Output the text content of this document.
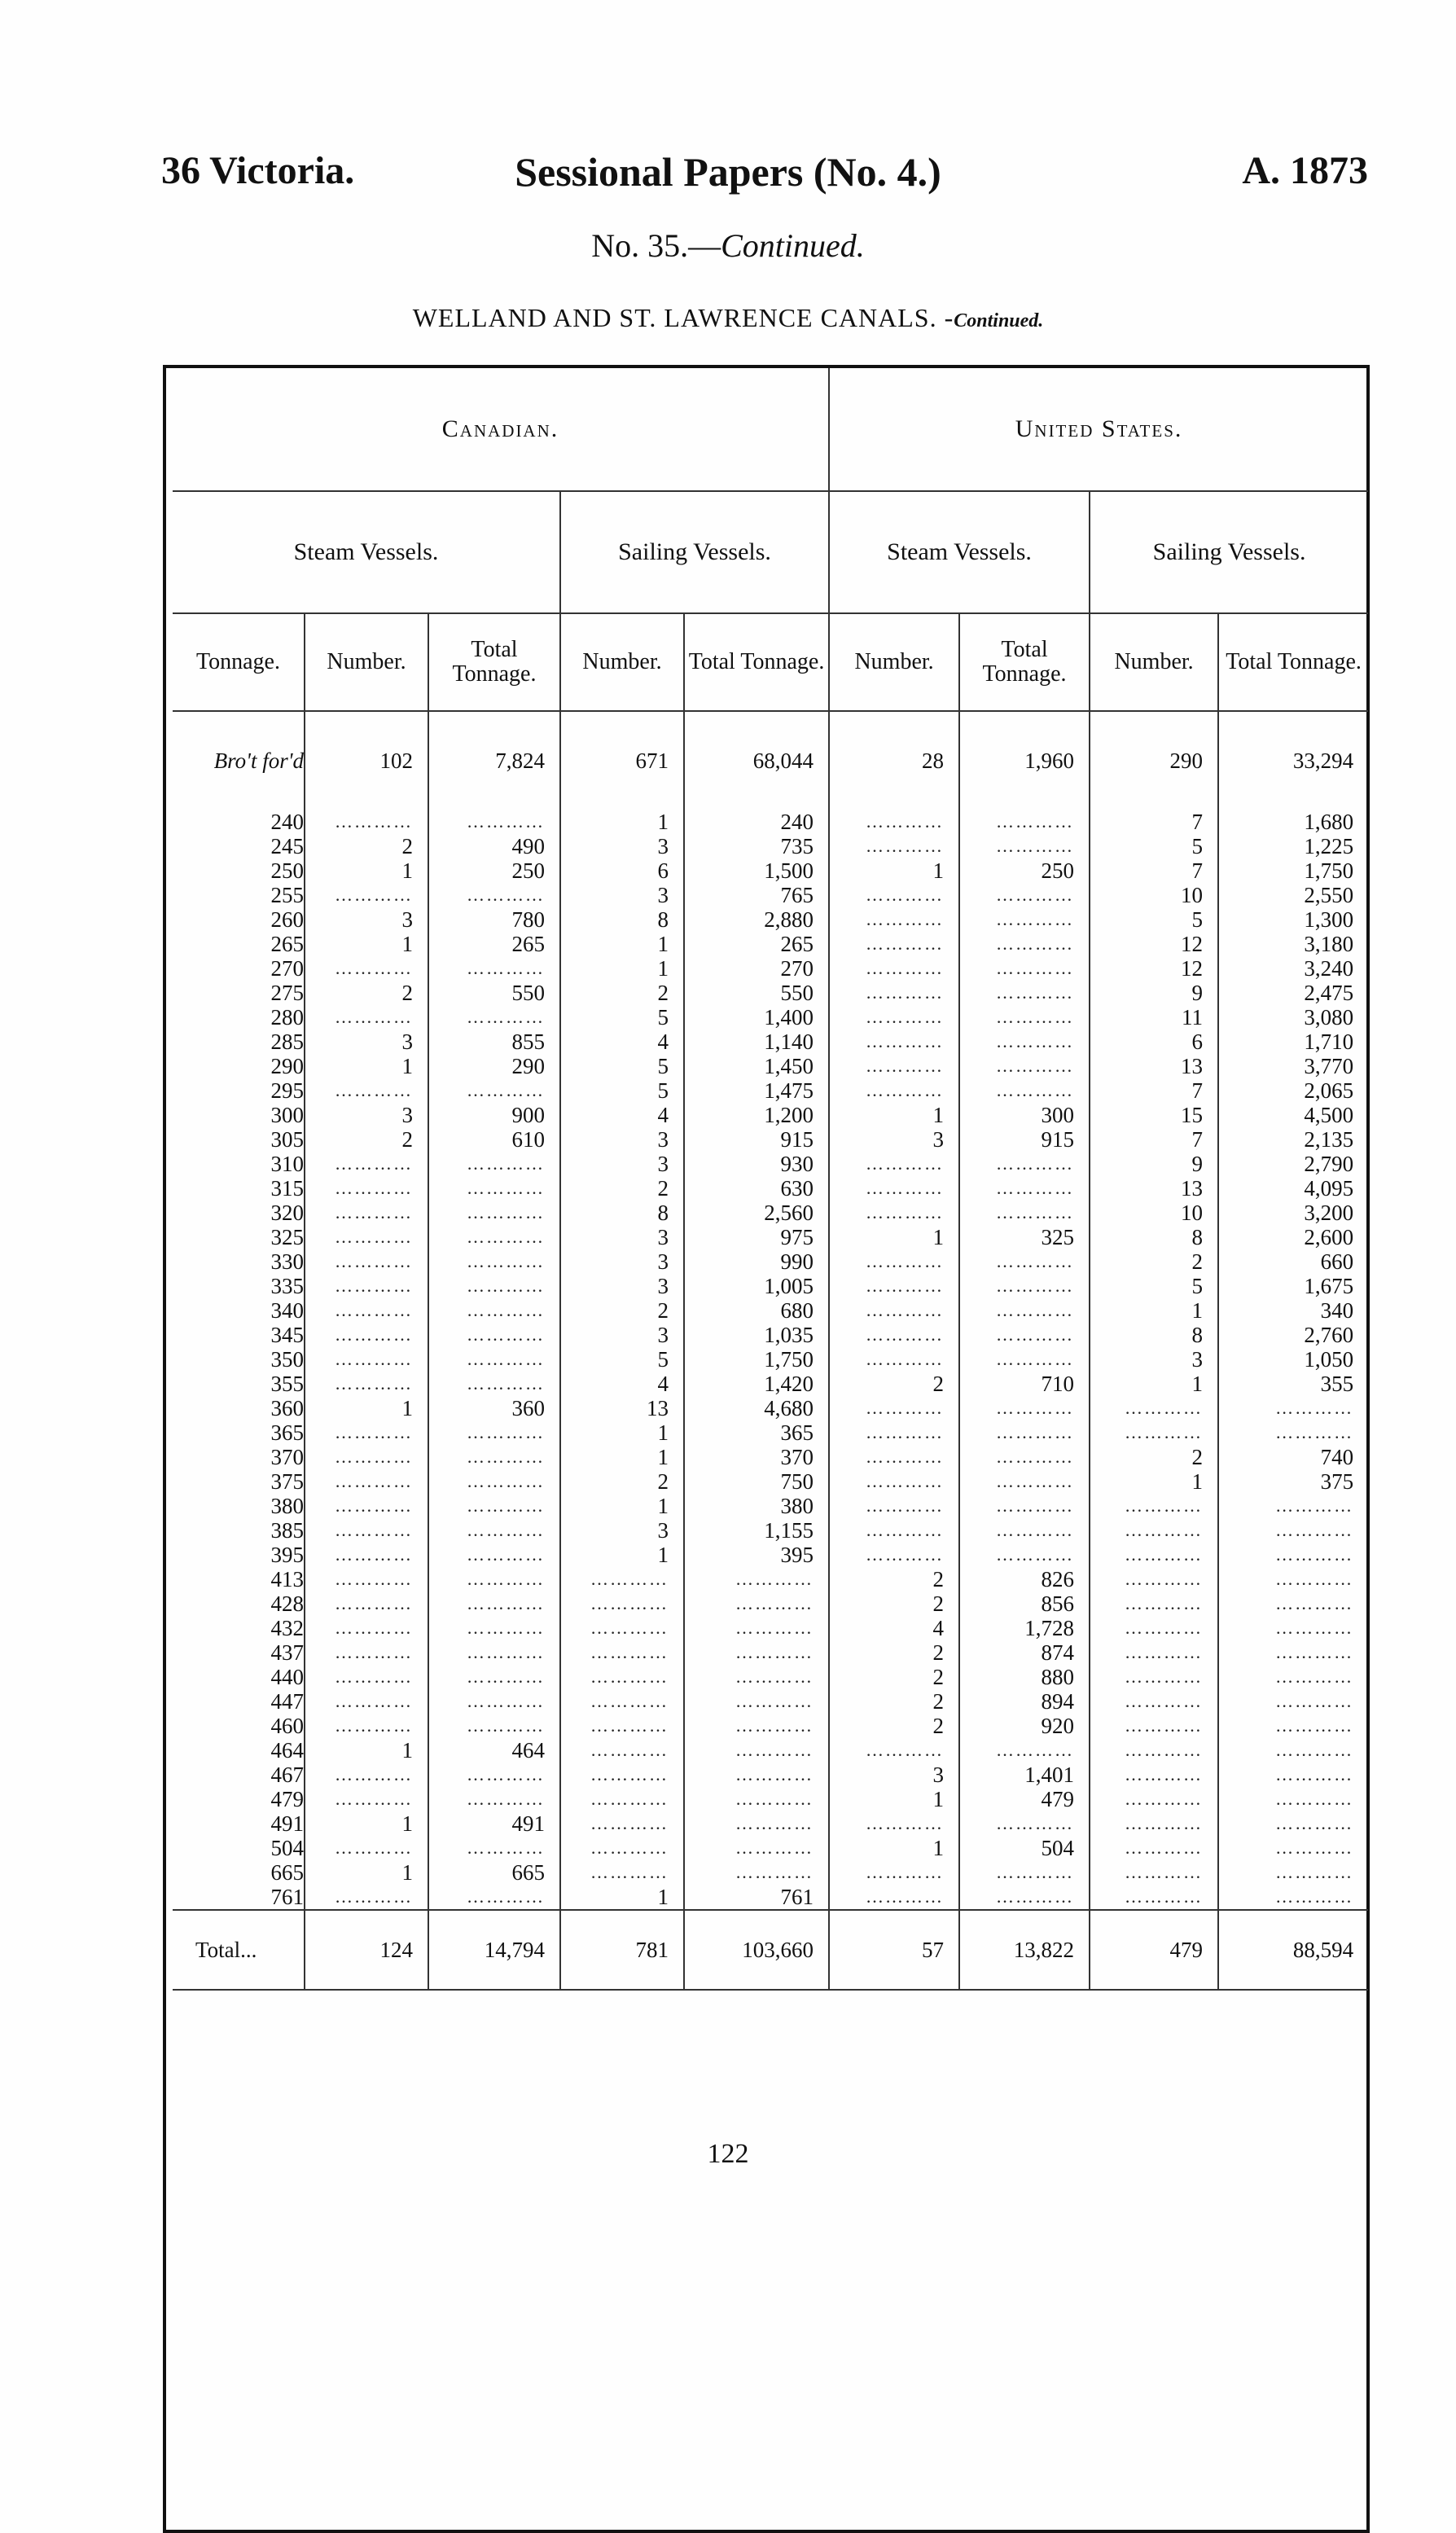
36 Victoria.	Sessional Papers (No. 4.)	A. 1873
No. 35.—Continued.
WELLAND AND ST. LAWRENCE CANALS. -Continued.
Canadian.					United States.			
Steam Vessels.			Sailing Vessels.		Steam Vessels.		Sailing Vessels.	
Tonnage.	Number.	Total Tonnage.	Number.	Total Tonnage.	Number.	Total Tonnage.	Number.	Total Tonnage.
Bro't for'd	102	7,824	671	68,044	28	1,960	290	33,294
240	…………	…………	1	240	…………	…………	7	1,680
245	2	490	3	735	…………	…………	5	1,225
250	1	250	6	1,500	1	250	7	1,750
255	…………	…………	3	765	…………	…………	10	2,550
260	3	780	8	2,880	…………	…………	5	1,300
265	1	265	1	265	…………	…………	12	3,180
270	…………	…………	1	270	…………	…………	12	3,240
275	2	550	2	550	…………	…………	9	2,475
280	…………	…………	5	1,400	…………	…………	11	3,080
285	3	855	4	1,140	…………	…………	6	1,710
290	1	290	5	1,450	…………	…………	13	3,770
295	…………	…………	5	1,475	…………	…………	7	2,065
300	3	900	4	1,200	1	300	15	4,500
305	2	610	3	915	3	915	7	2,135
310	…………	…………	3	930	…………	…………	9	2,790
315	…………	…………	2	630	…………	…………	13	4,095
320	…………	…………	8	2,560	…………	…………	10	3,200
325	…………	…………	3	975	1	325	8	2,600
330	…………	…………	3	990	…………	…………	2	660
335	…………	…………	3	1,005	…………	…………	5	1,675
340	…………	…………	2	680	…………	…………	1	340
345	…………	…………	3	1,035	…………	…………	8	2,760
350	…………	…………	5	1,750	…………	…………	3	1,050
355	…………	…………	4	1,420	2	710	1	355
360	1	360	13	4,680	…………	…………	…………	…………
365	…………	…………	1	365	…………	…………	…………	…………
370	…………	…………	1	370	…………	…………	2	740
375	…………	…………	2	750	…………	…………	1	375
380	…………	…………	1	380	…………	…………	…………	…………
385	…………	…………	3	1,155	…………	…………	…………	…………
395	…………	…………	1	395	…………	…………	…………	…………
413	…………	…………	…………	…………	2	826	…………	…………
428	…………	…………	…………	…………	2	856	…………	…………
432	…………	…………	…………	…………	4	1,728	…………	…………
437	…………	…………	…………	…………	2	874	…………	…………
440	…………	…………	…………	…………	2	880	…………	…………
447	…………	…………	…………	…………	2	894	…………	…………
460	…………	…………	…………	…………	2	920	…………	…………
464	1	464	…………	…………	…………	…………	…………	…………
467	…………	…………	…………	…………	3	1,401	…………	…………
479	…………	…………	…………	…………	1	479	…………	…………
491	1	491	…………	…………	…………	…………	…………	…………
504	…………	…………	…………	…………	1	504	…………	…………
665	1	665	…………	…………	…………	…………	…………	…………
761	…………	…………	1	761	…………	…………	…………	…………
Total...	124	14,794	781	103,660	57	13,822	479	88,594

122
